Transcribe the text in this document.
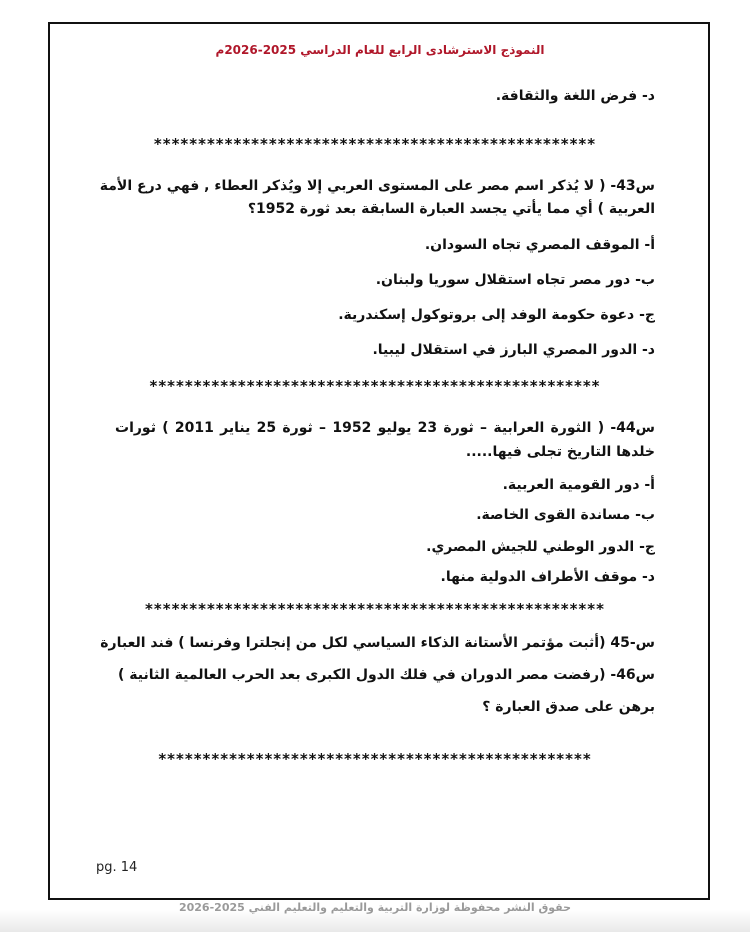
النموذج الاسترشادى الرابع للعام الدراسي 2025-2026م
د- فرض اللغة والثقافة.
**************************************************
س43- ( لا يُذكر اسم مصر على المستوى العربي إلا ويُذكر العطاء , فهي درع الأمة
العربية ) أي مما يأتي يجسد العبارة السابقة بعد ثورة 1952؟
أ- الموقف المصري تجاه السودان.
ب- دور مصر تجاه استقلال سوريا ولبنان.
ج- دعوة حكومة الوفد إلى بروتوكول إسكندرية.
د- الدور المصري البارز في استقلال ليبيا.
***************************************************
س44- ( الثورة العرابية – ثورة 23 يوليو 1952 – ثورة 25 يناير 2011 ) ثورات
خلدها التاريخ تجلى فيها.....
أ- دور القومية العربية.
ب- مساندة القوى الخاصة.
ج- الدور الوطني للجيش المصري.
د- موقف الأطراف الدولية منها.
****************************************************
س-45 (أثبت مؤتمر الأستانة الذكاء السياسي لكل من إنجلترا وفرنسا ) فند العبارة
س46- (رفضت مصر الدوران في فلك الدول الكبرى بعد الحرب العالمية الثانية )
برهن على صدق العبارة ؟
*************************************************
pg. 14
حقوق النشر محفوظة لوزارة التربية والتعليم والتعليم الفني 2025-2026
